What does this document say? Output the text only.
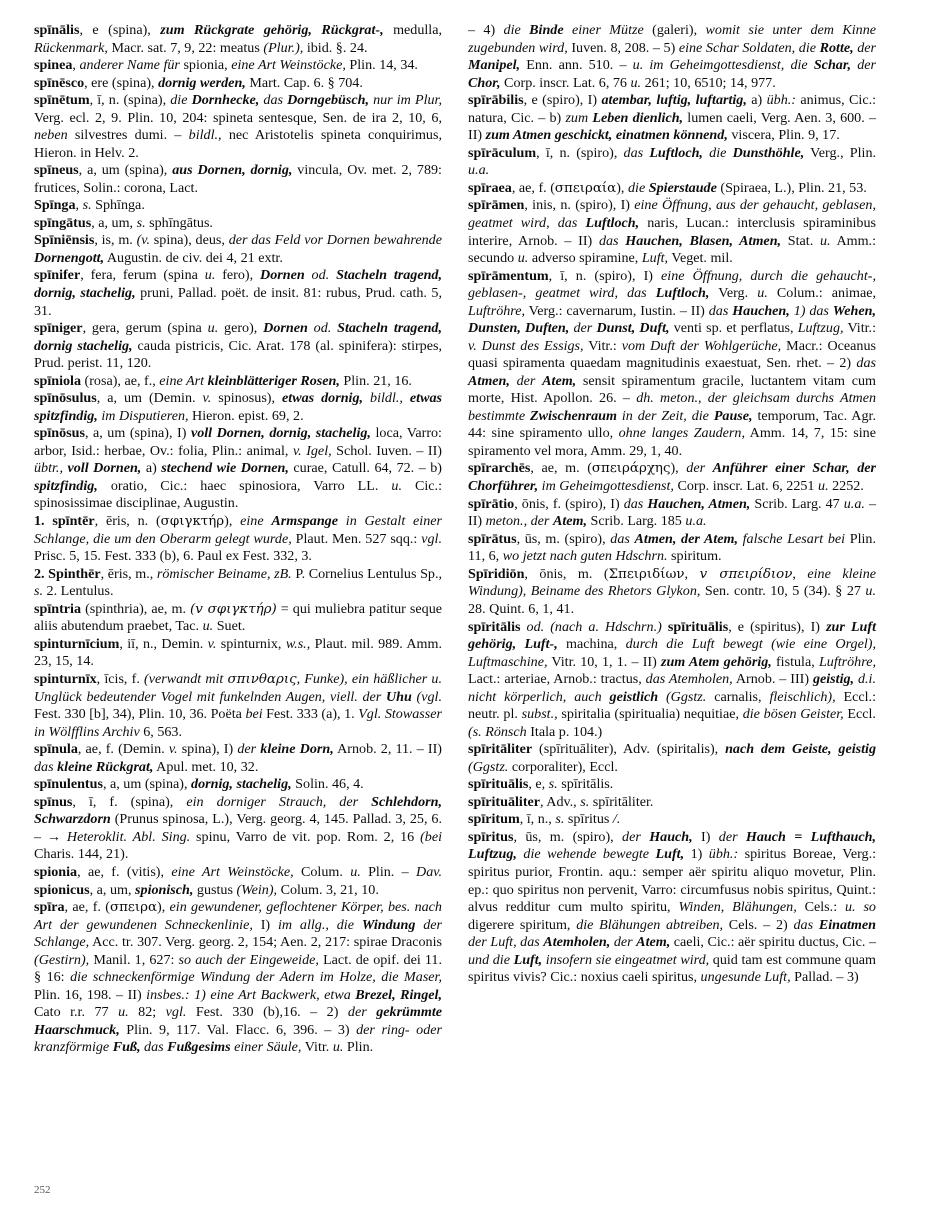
spīnālis, e (spina), zum Rückgrate gehörig, Rückgrat-, medulla, Rückenmark, Macr. sat. 7, 9, 22: meatus (Plur.), ibid. §. 24.

spinea, anderer Name für spionia, eine Art Weinstöcke, Plin. 14, 34.

spīnēsco, ere (spina), dornig werden, Mart. Cap. 6. § 704.

spīnētum, ī, n. (spina), die Dornhecke, das Dorngebüsch, nur im Plur, Verg. ecl. 2, 9. Plin. 10, 204: spineta sentesque, Sen. de ira 2, 10, 6, neben silvestres dumi. – bildl., nec Aristotelis spineta conquirimus, Hieron. in Helv. 2.

spīneus, a, um (spina), aus Dornen, dornig, vincula, Ov. met. 2, 789: frutices, Solin.: corona, Lact.

Spīnga, s. Sphīnga.

spīngātus, a, um, s. sphīngātus.

Spīniēnsis, is, m. (v. spina), deus, der das Feld vor Dornen bewahrende Dornengott, Augustin. de civ. dei 4, 21 extr.

spīnifer, fera, ferum (spina u. fero), Dornen od. Stacheln tragend, dornig, stachelig, pruni, Pallad. poët. de insit. 81: rubus, Prud. cath. 5, 31.

spīniger, gera, gerum (spina u. gero), Dornen od. Stacheln tragend, dornig stachelig, cauda pistricis, Cic. Arat. 178 (al. spinifera): stirpes, Prud. perist. 11, 120.

spīniola (rosa), ae, f., eine Art kleinblätteriger Rosen, Plin. 21, 16.

spīnōsulus, a, um (Demin. v. spinosus), etwas dornig, bildl., etwas spitzfindig, im Disputieren, Hieron. epist. 69, 2.

spīnōsus, a, um (spina), I) voll Dornen, dornig, stachelig, loca, Varro: arbor, Isid.: herbae, Ov.: folia, Plin.: animal, v. Igel, Schol. Iuven. – II) übtr., voll Dornen, a) stechend wie Dornen, curae, Catull. 64, 72. – b) spitzfindig, oratio, Cic.: haec spinosiora, Varro LL. u. Cic.: spinosissimae disciplinae, Augustin.

1. spīntēr, ēris, n. (σφιγκτήρ), eine Armspange in Gestalt einer Schlange, die um den Oberarm gelegt wurde, Plaut. Men. 527 sqq.: vgl. Prisc. 5, 15. Fest. 333 (b), 6. Paul ex Fest. 332, 3.

2. Spinthēr, ēris, m., römischer Beiname, zB. P. Cornelius Lentulus Sp., s. 2. Lentulus.

spīntria (spinthria), ae, m. (v σφιγκτήρ) = qui muliebra patitur seque aliis abutendum praebet, Tac. u. Suet.

spinturnīcium, iī, n., Demin. v. spinturnix, w.s., Plaut. mil. 989. Amm. 23, 15, 14.

spinturnīx, īcis, f. (verwandt mit σπινθαρις, Funke), ein häßlicher u. Unglück bedeutender Vogel mit funkelnden Augen, viell. der Uhu (vgl. Fest. 330 [b], 34), Plin. 10, 36. Poëta bei Fest. 333 (a), 1. Vgl. Stowasser in Wölfflins Archiv 6, 563.

spīnula, ae, f. (Demin. v. spina), I) der kleine Dorn, Arnob. 2, 11. – II) das kleine Rückgrat, Apul. met. 10, 32.

spīnulentus, a, um (spina), dornig, stachelig, Solin. 46, 4.

spīnus, ī, f. (spina), ein dorniger Strauch, der Schlehdorn, Schwarzdorn (Prunus spinosa, L.), Verg. georg. 4, 145. Pallad. 3, 25, 6. – → Heteroklit. Abl. Sing. spinu, Varro de vit. pop. Rom. 2, 16 (bei Charis. 144, 21).

spionia, ae, f. (vitis), eine Art Weinstöcke, Colum. u. Plin. – Dav. spionicus, a, um, spionisch, gustus (Wein), Colum. 3, 21, 10.

spīra, ae, f. (σπειρα), ein gewundener, geflochtener Körper, bes. nach Art der gewundenen Schneckenlinie, I) im allg., die Windung der Schlange, Acc. tr. 307. Verg. georg. 2, 154; Aen. 2, 217: spirae Draconis (Gestirn), Manil. 1, 627: so auch der Eingeweide, Lact. de opif. dei 11. § 16: die schneckenförmige Windung der Adern im Holze, die Maser, Plin. 16, 198. – II) insbes.: 1) eine Art Backwerk, etwa Brezel, Ringel, Cato r.r. 77 u. 82; vgl. Fest. 330 (b),16. – 2) der gekrümmte Haarschmuck, Plin. 9, 117. Val. Flacc. 6, 396. – 3) der ring- oder kranzförmige Fuß, das Fußgesims einer Säule, Vitr. u. Plin.

– 4) die Binde einer Mütze (galeri), womit sie unter dem Kinne zugebunden wird, Iuven. 8, 208. – 5) eine Schar Soldaten, die Rotte, der Manipel, Enn. ann. 510. – u. im Geheimgottesdienst, die Schar, der Chor, Corp. inscr. Lat. 6, 76 u. 261; 10, 6510; 14, 977.

spīrābilis, e (spiro), I) atembar, luftig, luftartig, a) übh.: animus, Cic.: natura, Cic. – b) zum Leben dienlich, lumen caeli, Verg. Aen. 3, 600. – II) zum Atmen geschickt, einatmen könnend, viscera, Plin. 9, 17.

spīrāculum, ī, n. (spiro), das Luftloch, die Dunsthöhle, Verg., Plin. u.a.

spīraea, ae, f. (σπειραία), die Spierstaude (Spiraea, L.), Plin. 21, 53.

spīrāmen, inis, n. (spiro), I) eine Öffnung, aus der gehaucht, geblasen, geatmet wird, das Luftloch, naris, Lucan.: interclusis spiraminibus interire, Arnob. – II) das Hauchen, Blasen, Atmen, Stat. u. Amm.: secundo u. adverso spiramine, Luft, Veget. mil.

spīrāmentum, ī, n. (spiro), I) eine Öffnung, durch die gehaucht-, geblasen-, geatmet wird, das Luftloch, Verg. u. Colum.: animae, Luftröhre, Verg.: cavernarum, Iustin. – II) das Hauchen, 1) das Wehen, Dunsten, Duften, der Dunst, Duft, venti sp. et perflatus, Luftzug, Vitr.: v. Dunst des Essigs, Vitr.: vom Duft der Wohlgerüche, Macr.: Oceanus quasi spiramenta quaedam magnitudinis exaestuat, Sen. rhet. – 2) das Atmen, der Atem, sensit spiramentum gracile, luctantem vitam cum morte, Hist. Apollon. 26. – dh. meton., der gleichsam durchs Atmen bestimmte Zwischenraum in der Zeit, die Pause, temporum, Tac. Agr. 44: sine spiramento ullo, ohne langes Zaudern, Amm. 14, 7, 15: sine spiramento vel mora, Amm. 29, 1, 40.

spīrarchēs, ae, m. (σπειράρχης), der Anführer einer Schar, der Chorführer, im Geheimgottesdienst, Corp. inscr. Lat. 6, 2251 u. 2252.

spīrātio, ōnis, f. (spiro), I) das Hauchen, Atmen, Scrib. Larg. 47 u.a. – II) meton., der Atem, Scrib. Larg. 185 u.a.

spīrātus, ūs, m. (spiro), das Atmen, der Atem, falsche Lesart bei Plin. 11, 6, wo jetzt nach guten Hdschrn. spiritum.

Spīridiōn, ōnis, m. (Σπειριδίων, v σπειρίδιον, eine kleine Windung), Beiname des Rhetors Glykon, Sen. contr. 10, 5 (34). § 27 u. 28. Quint. 6, 1, 41.

spīritālis od. (nach a. Hdschrn.) spīrituālis, e (spiritus), I) zur Luft gehörig, Luft-, machina, durch die Luft bewegt (wie eine Orgel), Luftmaschine, Vitr. 10, 1, 1. – II) zum Atem gehörig, fistula, Luftröhre, Lact.: arteriae, Arnob.: tractus, das Atemholen, Arnob. – III) geistig, d.i. nicht körperlich, auch geistlich (Ggstz. carnalis, fleischlich), Eccl.: neutr. pl. subst., spiritalia (spiritualia) nequitiae, die bösen Geister, Eccl. (s. Rönsch Itala p. 104.)

spīritāliter (spīrituāliter), Adv. (spiritalis), nach dem Geiste, geistig (Ggstz. corporaliter), Eccl.

spīrituālis, e, s. spīritālis.

spīrituāliter, Adv., s. spīritāliter.

spīritum, ī, n., s. spīritus /.

spīritus, ūs, m. (spiro), der Hauch, I) der Hauch = Lufthauch, Luftzug, die wehende bewegte Luft, 1) übh.: spiritus Boreae, Verg.: spiritus purior, Frontin. aqu.: semper aër spiritu aliquo movetur, Plin. ep.: quo spiritus non pervenit, Varro: circumfusus nobis spiritus, Quint.: alvus redditur cum multo spiritu, Winden, Blähungen, Cels.: u. so digerere spiritum, die Blähungen abtreiben, Cels. – 2) das Einatmen der Luft, das Atemholen, der Atem, caeli, Cic.: aër spiritu ductus, Cic. – und die Luft, insofern sie eingeatmet wird, quid tam est commune quam spiritus vivis? Cic.: noxius caeli spiritus, ungesunde Luft, Pallad. – 3)

252
